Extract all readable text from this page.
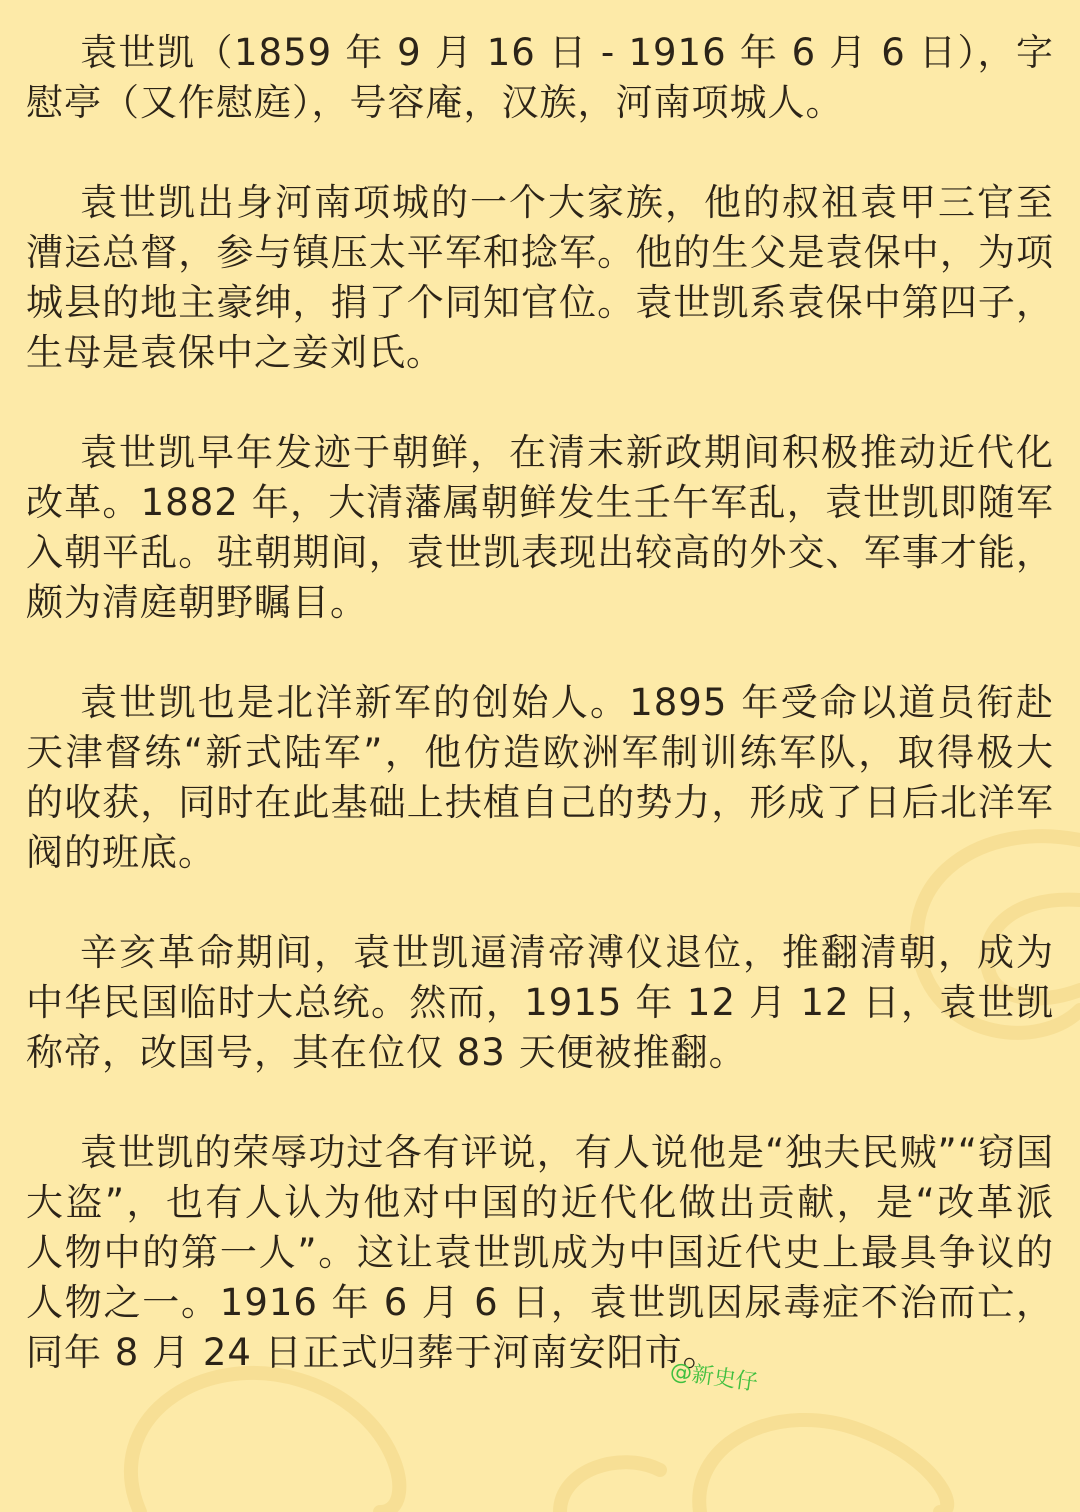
袁世凯（1859 年 9 月 16 日 - 1916 年 6 月 6 日），字慰亭（又作慰庭），号容庵，汉族，河南项城人。

袁世凯出身河南项城的一个大家族，他的叔祖袁甲三官至漕运总督，参与镇压太平军和捻军。他的生父是袁保中，为项城县的地主豪绅，捐了个同知官位。袁世凯系袁保中第四子，生母是袁保中之妾刘氏。

袁世凯早年发迹于朝鲜，在清末新政期间积极推动近代化改革。1882 年，大清藩属朝鲜发生壬午军乱，袁世凯即随军入朝平乱。驻朝期间，袁世凯表现出较高的外交、军事才能，颇为清庭朝野瞩目。

袁世凯也是北洋新军的创始人。1895 年受命以道员衔赴天津督练“新式陆军”，他仿造欧洲军制训练军队，取得极大的收获，同时在此基础上扶植自己的势力，形成了日后北洋军阀的班底。

辛亥革命期间，袁世凯逼清帝溥仪退位，推翻清朝，成为中华民国临时大总统。然而，1915 年 12 月 12 日，袁世凯称帝，改国号，其在位仅 83 天便被推翻。

袁世凯的荣辱功过各有评说，有人说他是“独夫民贼”“窃国大盗”，也有人认为他对中国的近代化做出贡献，是“改革派人物中的第一人”。这让袁世凯成为中国近代史上最具争议的人物之一。1916 年 6 月 6 日，袁世凯因尿毒症不治而亡，同年 8 月 24 日正式归葬于河南安阳市。

@新史仔
